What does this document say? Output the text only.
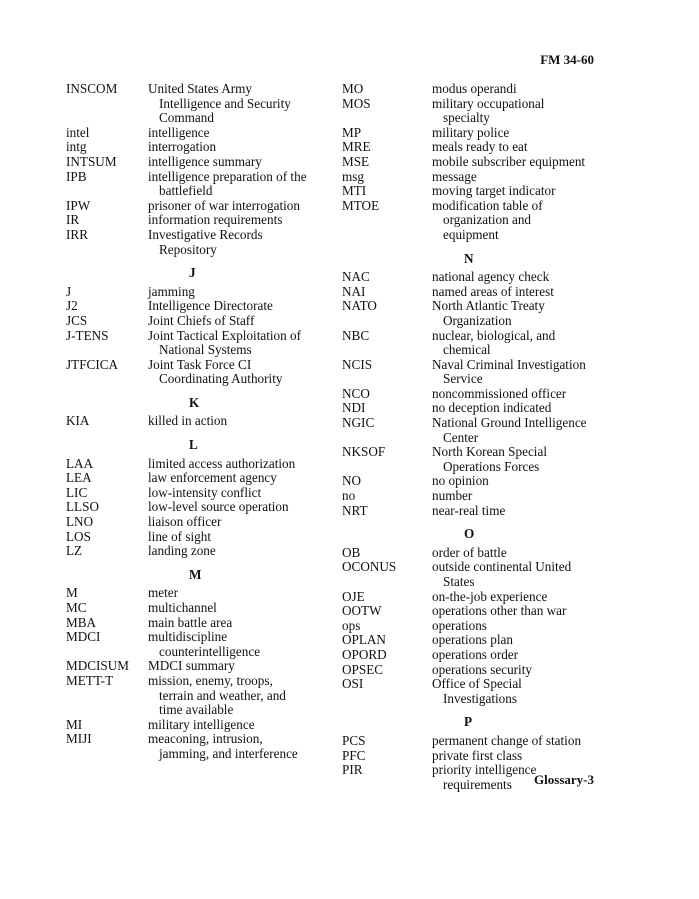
FM 34-60
INSCOM	United States Army
Intelligence and Security
Command
intel	intelligence
intg	interrogation
INTSUM	intelligence summary
IPB	intelligence preparation of the
battlefield
IPW	prisoner of war interrogation
IR	information requirements
IRR	Investigative Records
Repository
J
J	jamming
J2	Intelligence Directorate
JCS	Joint Chiefs of Staff
J-TENS	Joint Tactical Exploitation of
National Systems
JTFCICA	Joint Task Force CI
Coordinating Authority
K
KIA	killed in action
L
LAA	limited access authorization
LEA	law enforcement agency
LIC	low-intensity conflict
LLSO	low-level source operation
LNO	liaison officer
LOS	line of sight
LZ	landing zone
M
M	meter
MC	multichannel
MBA	main battle area
MDCI	multidiscipline
counterintelligence
MDCISUM	MDCI summary
METT-T	mission, enemy, troops,
terrain and weather, and
time available
MI	military intelligence
MIJI	meaconing, intrusion,
jamming, and interference
MO	modus operandi
MOS	military occupational
specialty
MP	military police
MRE	meals ready to eat
MSE	mobile subscriber equipment
msg	message
MTI	moving target indicator
MTOE	modification table of
organization and
equipment
N
NAC	national agency check
NAI	named areas of interest
NATO	North Atlantic Treaty
Organization
NBC	nuclear, biological, and
chemical
NCIS	Naval Criminal Investigation
Service
NCO	noncommissioned officer
NDI	no deception indicated
NGIC	National Ground Intelligence
Center
NKSOF	North Korean Special
Operations Forces
NO	no opinion
no	number
NRT	near-real time
O
OB	order of battle
OCONUS	outside continental United
States
OJE	on-the-job experience
OOTW	operations other than war
ops	operations
OPLAN	operations plan
OPORD	operations order
OPSEC	operations security
OSI	Office of Special
Investigations
P
PCS	permanent change of station
PFC	private first class
PIR	priority intelligence
requirements	Glossary-3
